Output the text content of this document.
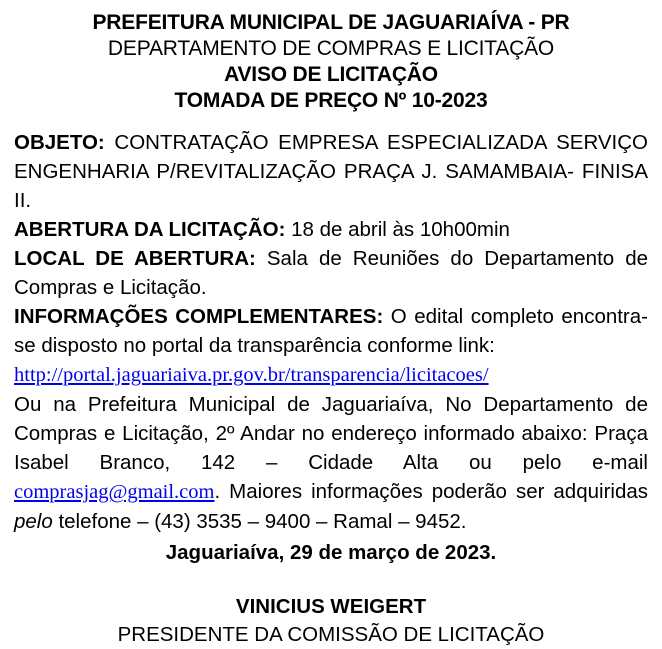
PREFEITURA MUNICIPAL DE JAGUARIAÍVA - PR
DEPARTAMENTO DE COMPRAS E LICITAÇÃO
AVISO DE LICITAÇÃO
TOMADA DE PREÇO Nº 10-2023

OBJETO: CONTRATAÇÃO EMPRESA ESPECIALIZADA SERVIÇO ENGENHARIA P/REVITALIZAÇÃO PRAÇA J. SAMAMBAIA- FINISA II.

ABERTURA DA LICITAÇÃO: 18 de abril às 10h00min

LOCAL DE ABERTURA: Sala de Reuniões do Departamento de Compras e Licitação.

INFORMAÇÕES COMPLEMENTARES: O edital completo encontra-se disposto no portal da transparência conforme link:

http://portal.jaguariaiva.pr.gov.br/transparencia/licitacoes/

Ou na Prefeitura Municipal de Jaguariaíva, No Departamento de Compras e Licitação, 2º Andar no endereço informado abaixo: Praça Isabel Branco, 142 – Cidade Alta ou pelo e-mail comprasjag@gmail.com. Maiores informações poderão ser adquiridas pelo telefone – (43) 3535 – 9400 – Ramal – 9452.

Jaguariaíva, 29 de março de 2023.

VINICIUS WEIGERT
PRESIDENTE DA COMISSÃO DE LICITAÇÃO
